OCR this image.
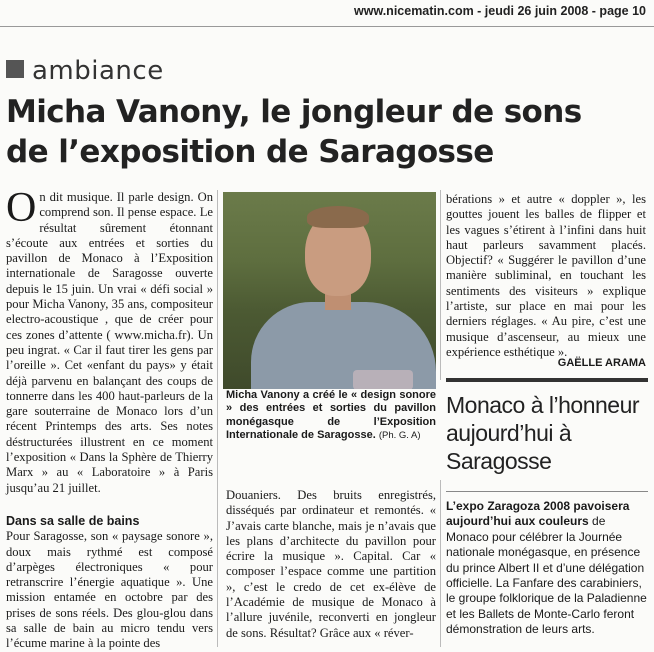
www.nicematin.com - jeudi 26 juin 2008 - page 10
ambiance
Micha Vanony, le jongleur de sons
de l’exposition de Saragosse

On dit musique. Il parle design. On comprend son. Il pense espace. Le résultat sûrement étonnant s’écoute aux entrées et sorties du pavillon de Monaco à l’Exposition internationale de Saragosse ouverte depuis le 15 juin. Un vrai « défi social » pour Micha Vanony, 35 ans, compositeur electro-acoustique , que de créer pour ces zones d’attente ( www.micha.fr). Un peu ingrat. « Car il faut tirer les gens par l’oreille ». Cet «enfant du pays» y était déjà parvenu en balançant des coups de tonnerre dans les 400 haut-parleurs de la gare souterraine de Monaco lors d’un récent Printemps des arts. Ses notes déstructurées illustrent en ce moment l’exposition « Dans la Sphère de Thierry Marx » au « Laboratoire » à Paris jusqu’au 21 juillet.

Dans sa salle de bains

Pour Saragosse, son « paysage sonore », doux mais rythmé est composé d’arpèges électroniques « pour retranscrire l’énergie aquatique ». Une mission entamée en octobre par des prises de sons réels. Des glou-glou dans sa salle de bain au micro tendu vers l’écume marine à la pointe des

Micha Vanony a créé le « design sonore » des entrées et sorties du pavillon monégasque de l’Exposition Internationale de Saragosse. (Ph. G. A)

Douaniers. Des bruits enregistrés, disséqués par ordinateur et remontés. « J’avais carte blanche, mais je n’avais que les plans d’architecte du pavillon pour écrire la musique ». Capital. Car « composer l’espace comme une partition », c’est le credo de cet ex-élève de l’Académie de musique de Monaco à l’allure juvénile, reconverti en jongleur de sons. Résultat? Grâce aux « réver-

bérations » et autre « doppler », les gouttes jouent les balles de flipper et les vagues s’étirent à l’infini dans huit haut parleurs savamment placés. Objectif? « Suggérer le pavillon d’une manière subliminal, en touchant les sentiments des visiteurs » explique l’artiste, sur place en mai pour les derniers réglages. « Au pire, c’est une musique d’ascenseur, au mieux une expérience esthétique ».

GAËLLE ARAMA
Monaco à l’honneur aujourd’hui à Saragosse
L’expo Zaragoza 2008 pavoisera aujourd’hui aux couleurs de Monaco pour célébrer la Journée nationale monégasque, en présence du prince Albert II et d’une délégation officielle. La Fanfare des carabiniers, le groupe folklorique de la Paladienne et les Ballets de Monte-Carlo feront démonstration de leurs arts.
